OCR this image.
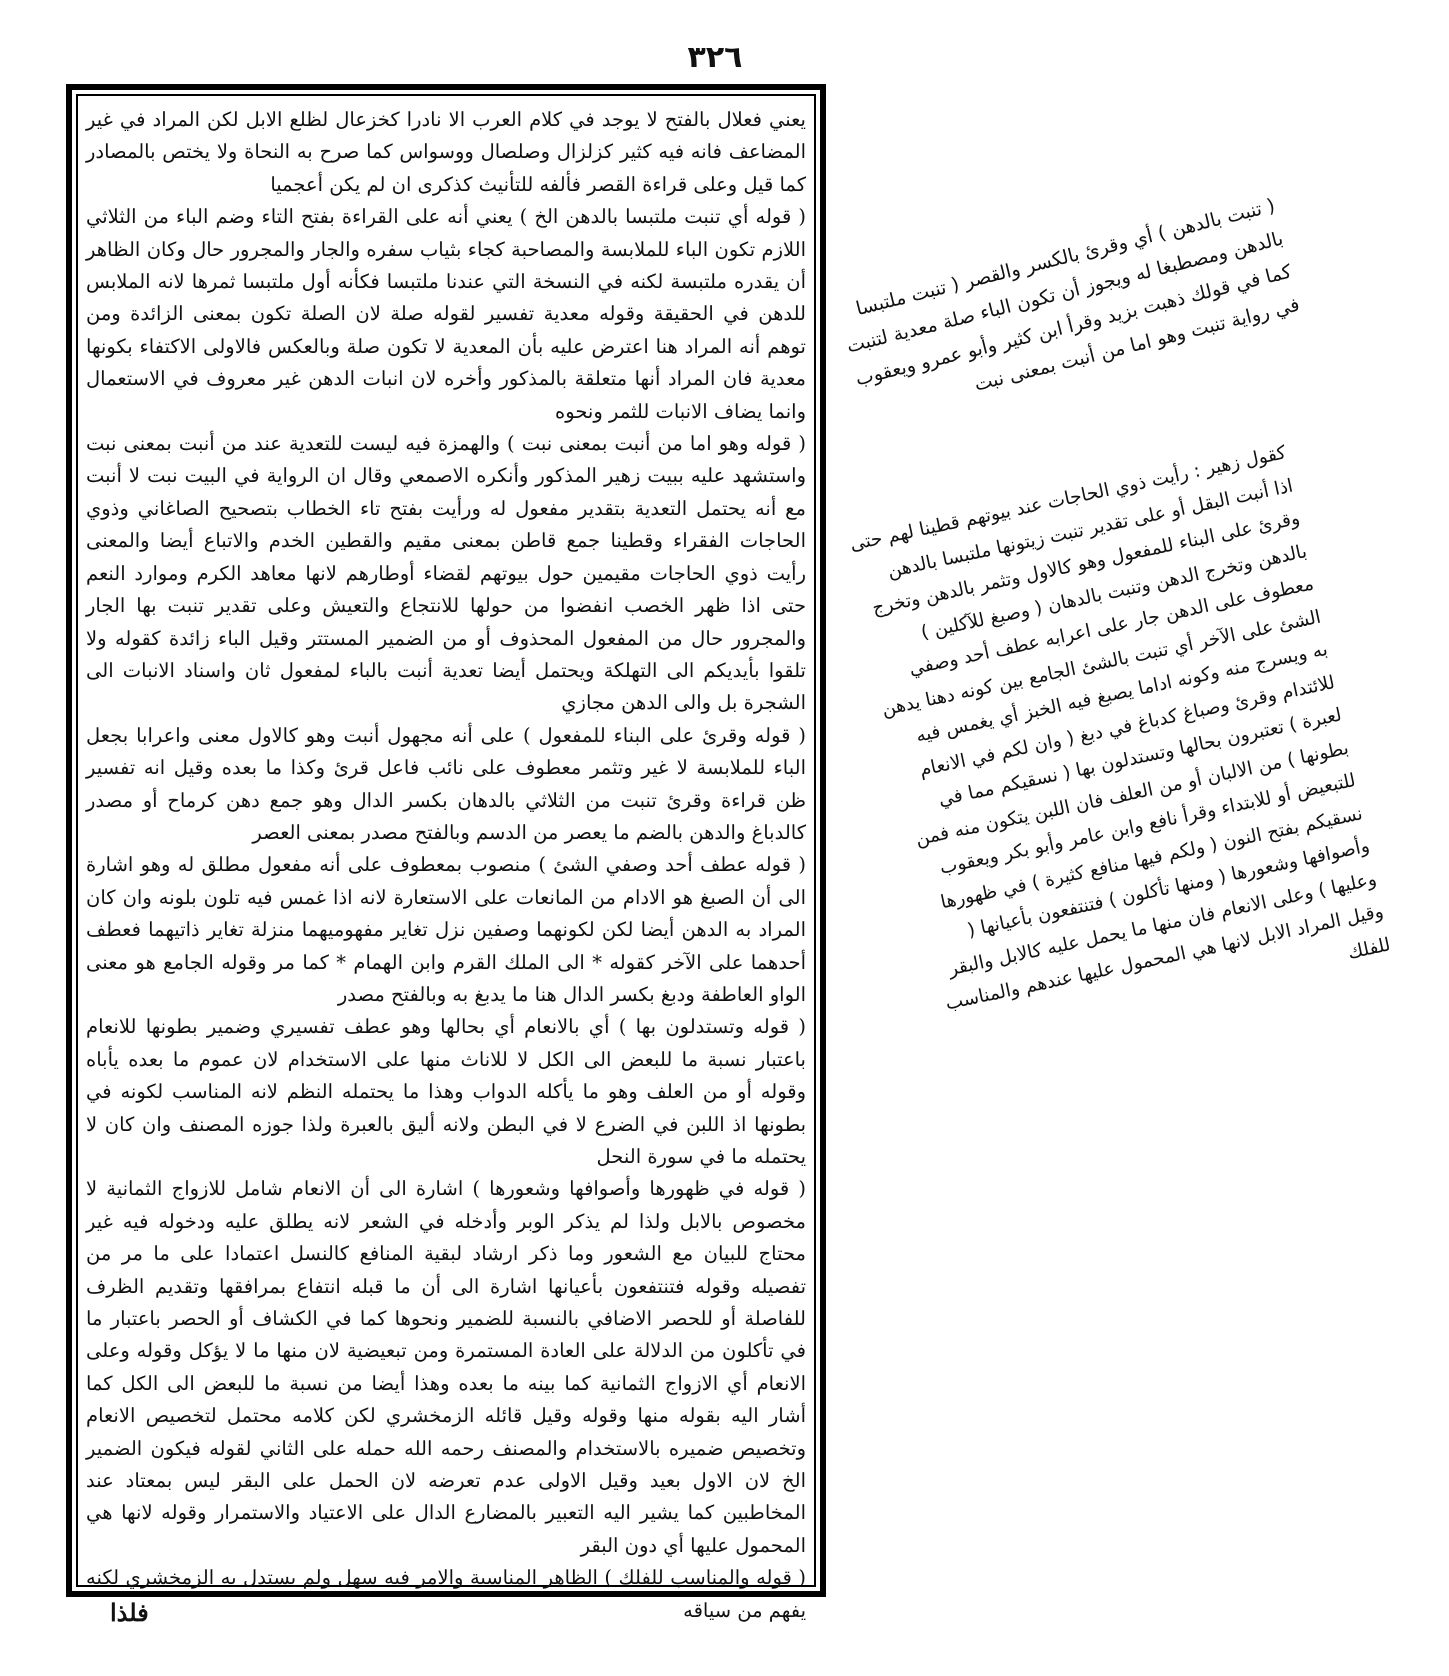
٣٢٦

يعني فعلال بالفتح لا يوجد في كلام العرب الا نادرا كخزعال لظلع الابل لكن المراد في غير المضاعف فانه فيه كثير كزلزال وصلصال ووسواس كما صرح به النحاة ولا يختص بالمصادر كما قيل وعلى قراءة القصر فألفه للتأنيث كذكرى ان لم يكن أعجميا

( قوله أي تنبت ملتبسا بالدهن الخ ) يعني أنه على القراءة بفتح التاء وضم الباء من الثلاثي اللازم تكون الباء للملابسة والمصاحبة كجاء بثياب سفره والجار والمجرور حال وكان الظاهر أن يقدره ملتبسة لكنه في النسخة التي عندنا ملتبسا فكأنه أول ملتبسا ثمرها لانه الملابس للدهن في الحقيقة وقوله معدية تفسير لقوله صلة لان الصلة تكون بمعنى الزائدة ومن توهم أنه المراد هنا اعترض عليه بأن المعدية لا تكون صلة وبالعكس فالاولى الاكتفاء بكونها معدية فان المراد أنها متعلقة بالمذكور وأخره لان انبات الدهن غير معروف في الاستعمال وانما يضاف الانبات للثمر ونحوه

( قوله وهو اما من أنبت بمعنى نبت ) والهمزة فيه ليست للتعدية عند من أنبت بمعنى نبت واستشهد عليه ببيت زهير المذكور وأنكره الاصمعي وقال ان الرواية في البيت نبت لا أنبت مع أنه يحتمل التعدية بتقدير مفعول له ورأيت بفتح تاء الخطاب بتصحيح الصاغاني وذوي الحاجات الفقراء وقطينا جمع قاطن بمعنى مقيم والقطين الخدم والاتباع أيضا والمعنى رأيت ذوي الحاجات مقيمين حول بيوتهم لقضاء أوطارهم لانها معاهد الكرم وموارد النعم حتى اذا ظهر الخصب انفضوا من حولها للانتجاع والتعيش وعلى تقدير تنبت بها الجار والمجرور حال من المفعول المحذوف أو من الضمير المستتر وقيل الباء زائدة كقوله ولا تلقوا بأيديكم الى التهلكة ويحتمل أيضا تعدية أنبت بالباء لمفعول ثان واسناد الانبات الى الشجرة بل والى الدهن مجازي

( قوله وقرئ على البناء للمفعول ) على أنه مجهول أنبت وهو كالاول معنى واعرابا بجعل الباء للملابسة لا غير وتثمر معطوف على نائب فاعل قرئ وكذا ما بعده وقيل انه تفسير ظن قراءة وقرئ تنبت من الثلاثي بالدهان بكسر الدال وهو جمع دهن كرماح أو مصدر كالدباغ والدهن بالضم ما يعصر من الدسم وبالفتح مصدر بمعنى العصر

( قوله عطف أحد وصفي الشئ ) منصوب بمعطوف على أنه مفعول مطلق له وهو اشارة الى أن الصبغ هو الادام من المانعات على الاستعارة لانه اذا غمس فيه تلون بلونه وان كان المراد به الدهن أيضا لكن لكونهما وصفين نزل تغاير مفهوميهما منزلة تغاير ذاتيهما فعطف أحدهما على الآخر كقوله * الى الملك القرم وابن الهمام * كما مر وقوله الجامع هو معنى الواو العاطفة ودبغ بكسر الدال هنا ما يدبغ به وبالفتح مصدر

( قوله وتستدلون بها ) أي بالانعام أي بحالها وهو عطف تفسيري وضمير بطونها للانعام باعتبار نسبة ما للبعض الى الكل لا للاناث منها على الاستخدام لان عموم ما بعده يأباه وقوله أو من العلف وهو ما يأكله الدواب وهذا ما يحتمله النظم لانه المناسب لكونه في بطونها اذ اللبن في الضرع لا في البطن ولانه أليق بالعبرة ولذا جوزه المصنف وان كان لا يحتمله ما في سورة النحل

( قوله في ظهورها وأصوافها وشعورها ) اشارة الى أن الانعام شامل للازواج الثمانية لا مخصوص بالابل ولذا لم يذكر الوبر وأدخله في الشعر لانه يطلق عليه ودخوله فيه غير محتاج للبيان مع الشعور وما ذكر ارشاد لبقية المنافع كالنسل اعتمادا على ما مر من تفصيله وقوله فتنتفعون بأعيانها اشارة الى أن ما قبله انتفاع بمرافقها وتقديم الظرف للفاصلة أو للحصر الاضافي بالنسبة للضمير ونحوها كما في الكشاف أو الحصر باعتبار ما في تأكلون من الدلالة على العادة المستمرة ومن تبعيضية لان منها ما لا يؤكل وقوله وعلى الانعام أي الازواج الثمانية كما بينه ما بعده وهذا أيضا من نسبة ما للبعض الى الكل كما أشار اليه بقوله منها وقوله وقيل قائله الزمخشري لكن كلامه محتمل لتخصيص الانعام وتخصيص ضميره بالاستخدام والمصنف رحمه الله حمله على الثاني لقوله فيكون الضمير الخ لان الاول بعيد وقيل الاولى عدم تعرضه لان الحمل على البقر ليس بمعتاد عند المخاطبين كما يشير اليه التعبير بالمضارع الدال على الاعتياد والاستمرار وقوله لانها هي المحمول عليها أي دون البقر

( قوله والمناسب للفلك ) الظاهر المناسبة والامر فيه سهل ولم يستدل به الزمخشري لكنه يفهم من سياقه

( تنبت بالدهن ) أي وقرئ بالكسر والقصر ( تنبت ملتبسا بالدهن ومصطبغا له ويجوز أن تكون الباء صلة معدية لتنبت كما في قولك ذهبت بزيد وقرأ ابن كثير وأبو عمرو ويعقوب في رواية تنبت وهو اما من أنبت بمعنى نبت
كقول زهير : رأيت ذوي الحاجات عند بيوتهم قطينا لهم حتى اذا أنبت البقل أو على تقدير تنبت زيتونها ملتبسا بالدهن وقرئ على البناء للمفعول وهو كالاول وتثمر بالدهن وتخرج بالدهن وتخرج الدهن وتنبت بالدهان ( وصبغ للآكلين ) معطوف على الدهن جار على اعرابه عطف أحد وصفي الشئ على الآخر أي تنبت بالشئ الجامع بين كونه دهنا يدهن به ويسرج منه وكونه اداما يصبغ فيه الخبز أي يغمس فيه للائتدام وقرئ وصباغ كدباغ في دبغ ( وان لكم في الانعام لعبرة ) تعتبرون بحالها وتستدلون بها ( نسقيكم مما في بطونها ) من الالبان أو من العلف فان اللبن يتكون منه فمن للتبعيض أو للابتداء وقرأ نافع وابن عامر وأبو بكر ويعقوب نسقيكم بفتح النون ( ولكم فيها منافع كثيرة ) في ظهورها وأصوافها وشعورها ( ومنها تأكلون ) فتنتفعون بأعيانها ( وعليها ) وعلى الانعام فان منها ما يحمل عليه كالابل والبقر وقيل المراد الابل لانها هي المحمول عليها عندهم والمناسب للفلك
فلذا
